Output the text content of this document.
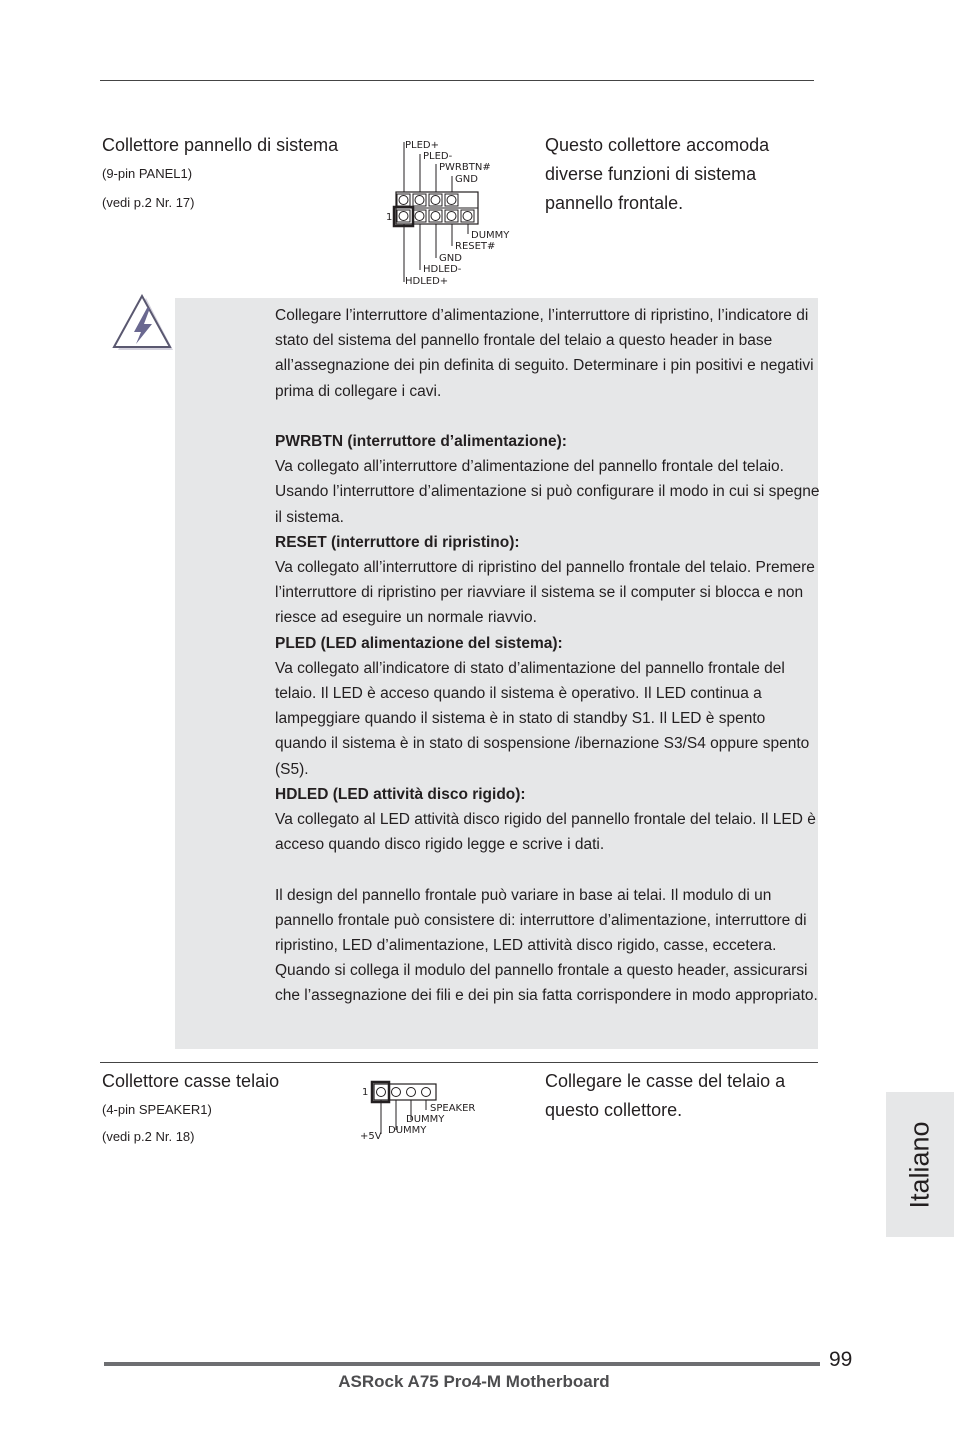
Collettore pannello di sistema
(9-pin PANEL1)
(vedi p.2 Nr. 17)
PLED+
PLED-
PWRBTN#
GND
1
DUMMY
RESET#
GND
HDLED-
HDLED+
Questo collettore accomoda diverse funzioni di sistema pannello frontale.

Collegare l’interruttore d’alimentazione, l’interruttore di ripristino, l’indicatore di stato del sistema del pannello frontale del telaio a questo header in base all’assegnazione dei pin definita di seguito. Determinare i pin positivi e negativi prima di collegare i cavi.

PWRBTN (interruttore d’alimentazione):

Va collegato all’interruttore d’alimentazione del pannello frontale del telaio. Usando l’interruttore d’alimentazione si può configurare il modo in cui si spegne il sistema.

RESET (interruttore di ripristino):

Va collegato all’interruttore di ripristino del pannello frontale del telaio. Premere l’interruttore di ripristino per riavviare il sistema se il computer si blocca e non riesce ad eseguire un normale riavvio.

PLED (LED alimentazione del sistema):

Va collegato all’indicatore di stato d’alimentazione del pannello frontale del telaio. Il LED è acceso quando il sistema è operativo. Il LED continua a lampeggiare quando il sistema è in stato di standby S1. Il LED è spento quando il sistema è in stato di sospensione /ibernazione S3/S4 oppure spento (S5).

HDLED (LED attività disco rigido):

Va collegato al LED attività disco rigido del pannello frontale del telaio. Il LED è acceso quando disco rigido legge e scrive i dati.

Il design del pannello frontale può variare in base ai telai. Il modulo di un pannello frontale può consistere di: interruttore d’alimentazione, interruttore di ripristino, LED d’alimentazione, LED attività disco rigido, casse, eccetera. Quando si collega il modulo del pannello frontale a questo header, assicurarsi che l’assegnazione dei fili e dei pin sia fatta corrispondere in modo appropriato.

Collettore casse telaio
(4-pin SPEAKER1)
(vedi p.2 Nr. 18)
1
SPEAKER
DUMMY
+5V
DUMMY
Collegare le casse del telaio a questo collettore.
Italiano
99
ASRock A75 Pro4-M Motherboard
